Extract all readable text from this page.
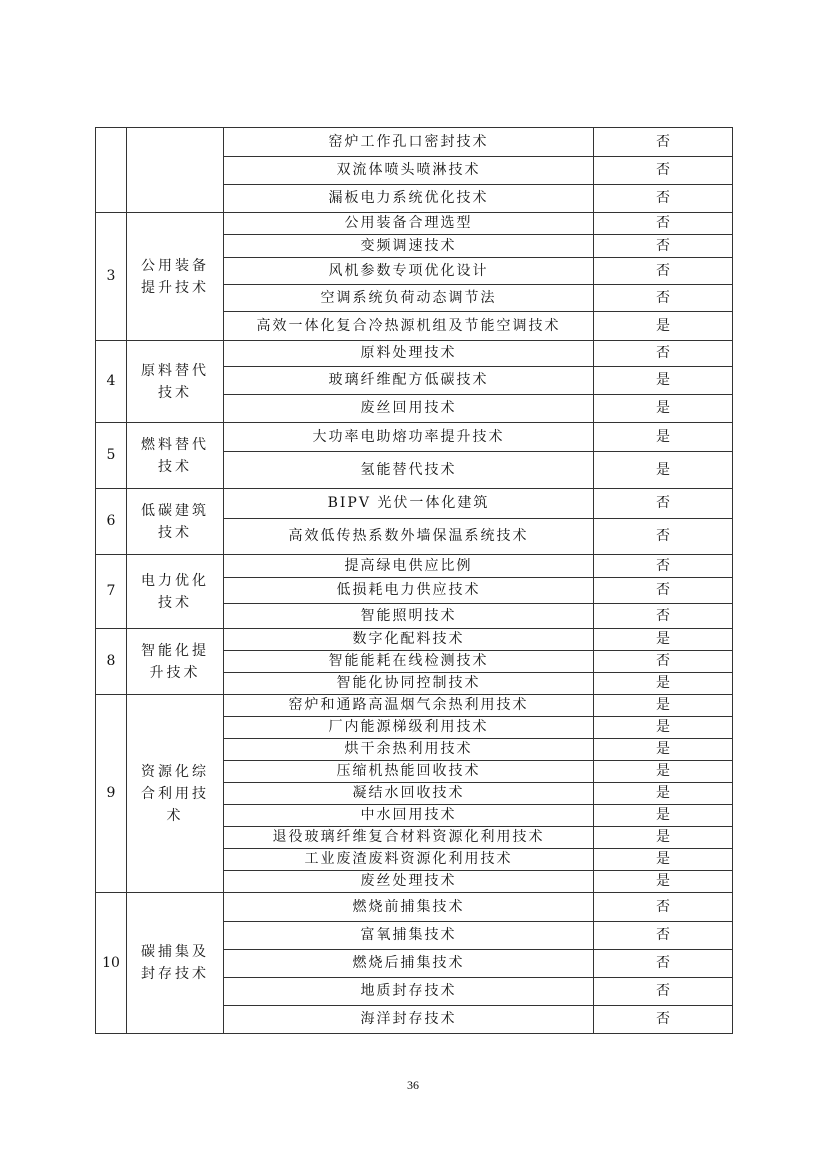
		窑炉工作孔口密封技术	否
		双流体喷头喷淋技术	否
		漏板电力系统优化技术	否
3	公用装备提升技术	公用装备合理选型	否
		变频调速技术	否
		风机参数专项优化设计	否
		空调系统负荷动态调节法	否
		高效一体化复合冷热源机组及节能空调技术	是
4	原料替代技术	原料处理技术	否
		玻璃纤维配方低碳技术	是
		废丝回用技术	是
5	燃料替代技术	大功率电助熔功率提升技术	是
		氢能替代技术	是
6	低碳建筑技术	BIPV 光伏一体化建筑	否
		高效低传热系数外墙保温系统技术	否
7	电力优化技术	提高绿电供应比例	否
		低损耗电力供应技术	否
		智能照明技术	否
8	智能化提升技术	数字化配料技术	是
		智能能耗在线检测技术	否
		智能化协同控制技术	是
9	资源化综合利用技术	窑炉和通路高温烟气余热利用技术	是
		厂内能源梯级利用技术	是
		烘干余热利用技术	是
		压缩机热能回收技术	是
		凝结水回收技术	是
		中水回用技术	是
		退役玻璃纤维复合材料资源化利用技术	是
		工业废渣废料资源化利用技术	是
		废丝处理技术	是
10	碳捕集及封存技术	燃烧前捕集技术	否
		富氧捕集技术	否
		燃烧后捕集技术	否
		地质封存技术	否
		海洋封存技术	否
36
